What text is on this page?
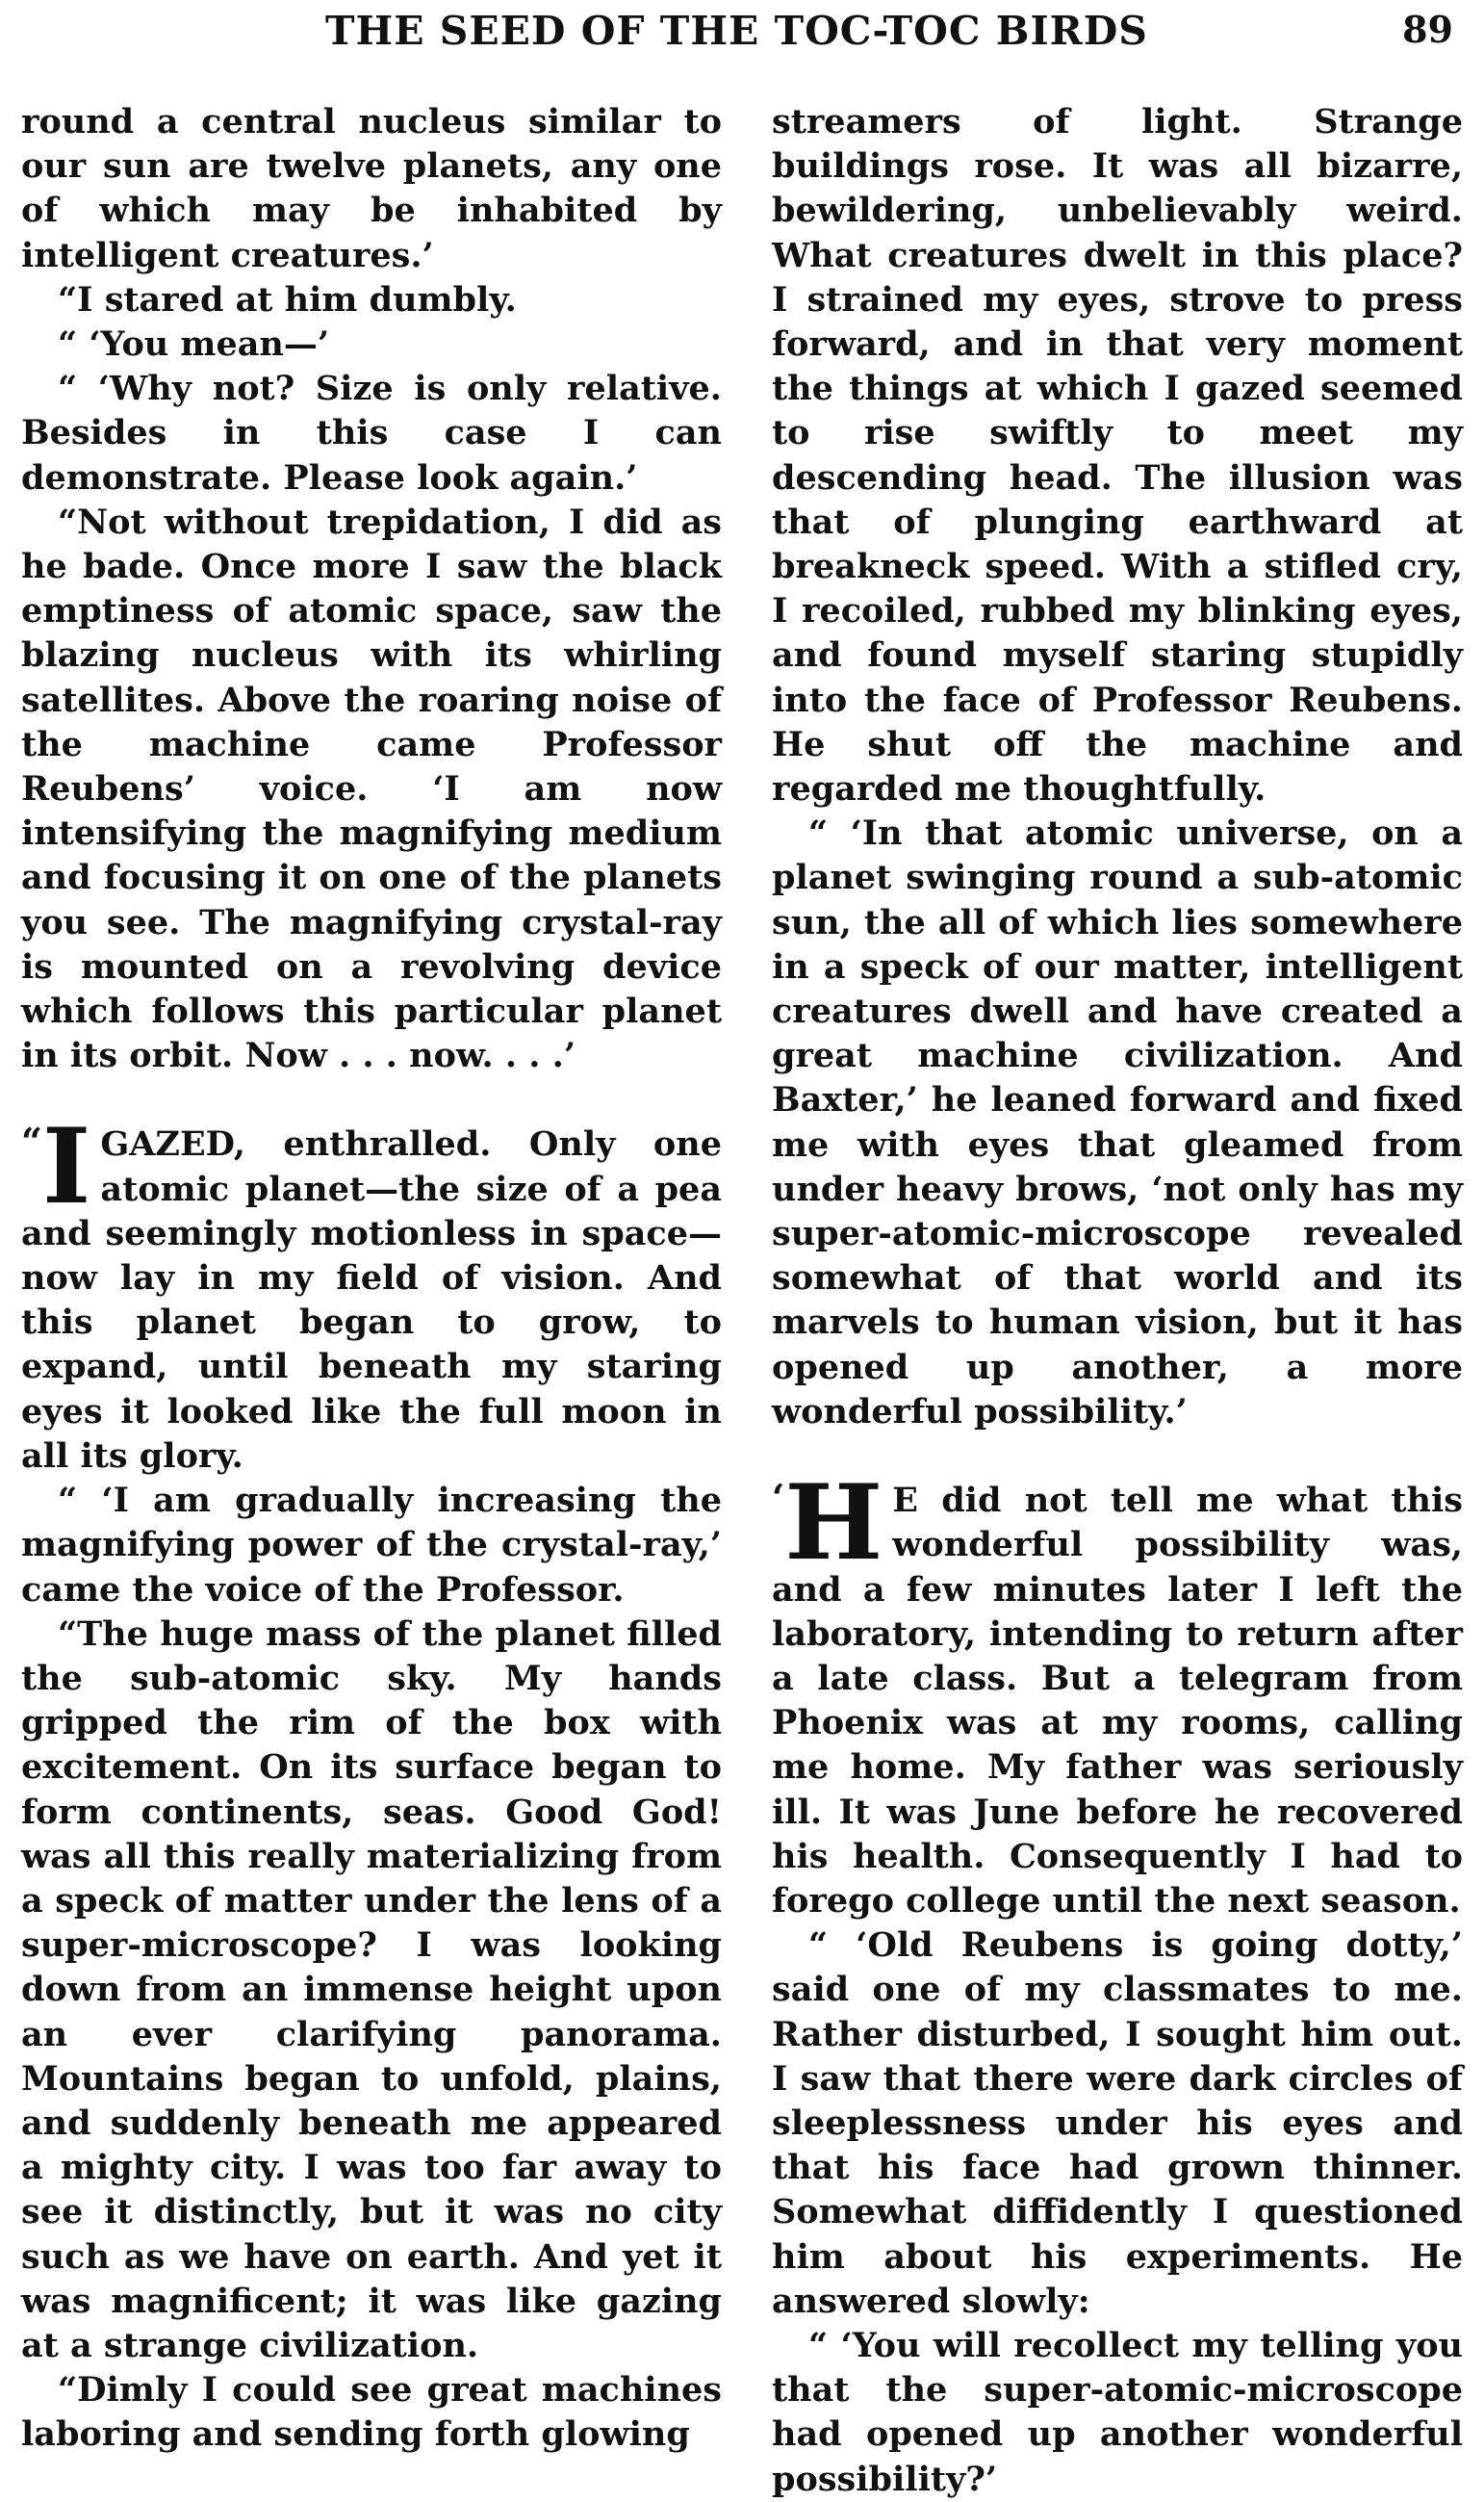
THE SEED OF THE TOC-TOC BIRDS	89

round a central nucleus similar to our sun are twelve planets, any one of which may be inhabited by intelligent creatures.’

“I stared at him dumbly.

“ ‘You mean—’

“ ‘Why not? Size is only relative. Besides in this case I can demonstrate. Please look again.’

“Not without trepidation, I did as he bade. Once more I saw the black emptiness of atomic space, saw the blazing nucleus with its whirling satellites. Above the roaring noise of the machine came Professor Reubens’ voice. ‘I am now intensifying the magnifying medium and focusing it on one of the planets you see. The magnifying crystal-ray is mounted on a revolving device which follows this particular planet in its orbit. Now . . . now. . . .’

“ I GAZED, enthralled. Only one atomic planet—the size of a pea and seemingly motionless in space—now lay in my field of vision. And this planet began to grow, to expand, until beneath my staring eyes it looked like the full moon in all its glory.

“ ‘I am gradually increasing the magnifying power of the crystal-ray,’ came the voice of the Professor.

“The huge mass of the planet filled the sub-atomic sky. My hands gripped the rim of the box with excitement. On its surface began to form continents, seas. Good God! was all this really materializing from a speck of matter under the lens of a super-microscope? I was looking down from an immense height upon an ever clarifying panorama. Mountains began to unfold, plains, and suddenly beneath me appeared a mighty city. I was too far away to see it distinctly, but it was no city such as we have on earth. And yet it was magnificent; it was like gazing at a strange civilization.

“Dimly I could see great machines laboring and sending forth glowing

streamers of light. Strange buildings rose. It was all bizarre, bewildering, unbelievably weird. What creatures dwelt in this place? I strained my eyes, strove to press forward, and in that very moment the things at which I gazed seemed to rise swiftly to meet my descending head. The illusion was that of plunging earthward at breakneck speed. With a stifled cry, I recoiled, rubbed my blinking eyes, and found myself staring stupidly into the face of Professor Reubens. He shut off the machine and regarded me thoughtfully.

“ ‘In that atomic universe, on a planet swinging round a sub-atomic sun, the all of which lies somewhere in a speck of our matter, intelligent creatures dwell and have created a great machine civilization. And Baxter,’ he leaned forward and fixed me with eyes that gleamed from under heavy brows, ‘not only has my super-atomic-microscope revealed somewhat of that world and its marvels to human vision, but it has opened up another, a more wonderful possibility.’

‘ H E did not tell me what this wonderful possibility was, and a few minutes later I left the laboratory, intending to return after a late class. But a telegram from Phoenix was at my rooms, calling me home. My father was seriously ill. It was June before he recovered his health. Consequently I had to forego college until the next season.

“ ‘Old Reubens is going dotty,’ said one of my classmates to me. Rather disturbed, I sought him out. I saw that there were dark circles of sleeplessness under his eyes and that his face had grown thinner. Somewhat diffidently I questioned him about his experiments. He answered slowly:

“ ‘You will recollect my telling you that the super-atomic-microscope had opened up another wonderful possibility?’
